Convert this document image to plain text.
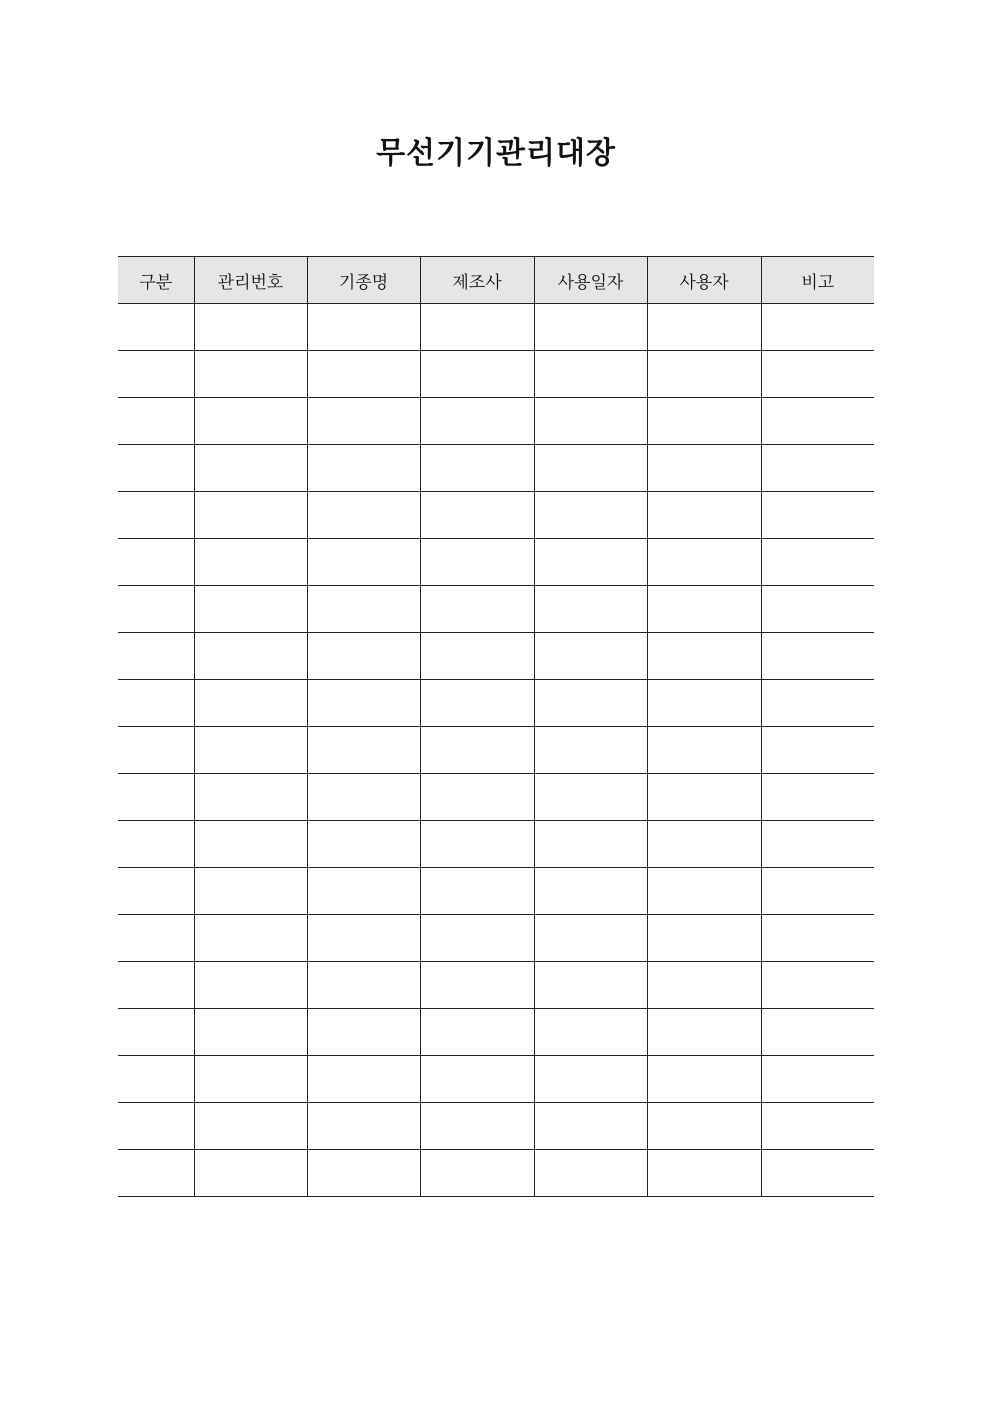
무선기기관리대장
구분	관리번호	기종명	제조사	사용일자	사용자	비고
